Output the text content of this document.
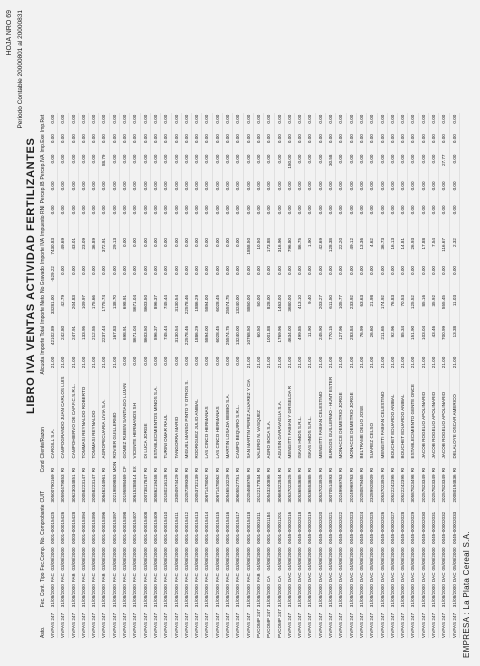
EMPRESA : La Plata Cereal S.A.
HOJA NRO 69 Periodo Contable 20000801 al 20000831
LIBRO IVA VENTAS ACTIVIDAD FERTILIZANTES
Asto.	Fec. Cont.	Tipo	Fec.Comp.	No. Comprobante	CUIT	Cond	Cliente/Razon	Alicuota	Importe Total	Importe Neto	No Gravado	Importe IVA	Impuesto RNI	Percep.IB	Percep.IVA	Imp.Exe	Imp.Ret
VIVFAS 247	31/08/2000	FAC	03/08/2000	0001-00015425	30500790169	RI	CARGILL S.A.	21.00	42102.89	33281.00	-529.22	7430.83	0.00	0.00	0.00	0.00	0.00
VIVFAS 247	31/08/2000	FAC	03/08/2000	0001-00015426	30590479853	RI	CAMPOGRANDO JUAN CARLOS LUIS	21.00	242.80	42.79	0.00	49.69	0.00	0.00	0.00	0.00	0.00
VIVFAS 247	31/08/2000	FAB	03/08/2000	0003-00015428	30623034851	RI	CAMPOHIERVO DE CAP.F.C.S.R.L.	21.00	247.91	204.83	0.00	43.01	0.00	0.00	0.00	0.00	0.00
VIVFAS 247	31/08/2000	FAC	03/08/2000	0001-00015394	20058223147	RI	TOMMASI REYNALDO ROBERTO	21.00	133.95	109.97	0.00	23.09	0.00	0.00	0.00	0.00	0.00
VIVFAS 247	31/08/2000	FAC	03/08/2000	0001-00015395	20058223147	RI	TOMMASI REYNALDO	21.00	212.55	175.66	0.00	36.89	0.00	0.00	0.00	0.00	0.00
VIVFAS 247	31/08/2000	FAB	03/08/2000	0001-00015396	30646244961	RI	AGROPECUARIA LIVIA S.A.	21.00	2237.44	1775.74	0.00	372.91	0.00	0.00	88.79	0.00	0.00
VIVFAS 247	31/08/2000	FAC	03/08/2000	0001-00015397	20219809853	MON	ROVIER GUILLERMO	21.00	167.83	138.70	0.00	29.13	0.00	0.00	0.00	0.00	0.00
VIVFAS 247	31/08/2000	FAC	03/08/2000	0001-00015398	20195898469	CF	GOMEZ RUBEN SANTIAGO LUJAN	0.00	698.91	698.91	0.00	0.00	0.00	0.00	0.00	0.00	0.00
VIVFAS 247	31/08/2000	FAC	03/08/2000	0001-00015407	30615285814	EX	VICENTE HERMANOS SH	0.00	8671.04	8671.04	0.00	0.00	0.00	0.00	0.00	0.00	0.00
VIVFAS 247	31/08/2000	FAC	03/08/2000	0001-00015408	20073817847	RI	DI LUCA JORGE	0.00	8603.50	8603.50	0.00	0.00	0.00	0.00	0.00	0.00	0.00
VIVFAS 247	31/08/2000	FAC	03/08/2000	0001-00015409	30586219458	RI	ESTABLECIMIENTOS MINOS S.A.	0.00	896.37	896.37	0.00	0.00	0.00	0.00	0.00	0.00	0.00
VIVFAS 247	31/08/2000	FAC	03/08/2000	0001-00015410	20180216128	RI	TURINI OMAR RAUL	0.00	745.44	745.44	0.00	0.00	0.00	0.00	0.00	0.00	0.00
VIVFAS 247	31/08/2000	FAC	03/08/2000	0001-00015411	23050974429	RI	TANGORRA MARIO	0.00	3130.54	3130.54	0.00	0.00	0.00	0.00	0.00	0.00	0.00
VIVFAS 247	31/08/2000	FAC	03/08/2000	0001-00015412	20287399308	RI	MIGUEL MANSO PINTO Y OTROS S.	0.00	22578.46	22578.46	0.00	0.00	0.00	0.00	0.00	0.00	0.00
VIVFAS 247	31/08/2000	FAC	03/08/2000	0001-00015413	20053732139	RI	RODRIGUEZ JULIO ANIBAL	0.00	1886.29	1886.29	0.00	0.00	0.00	0.00	0.00	0.00	0.00
VIVFAS 247	31/08/2000	FAC	03/08/2000	0001-00015414	30671478062	RI	LAS CINCO HERMANAS	0.00	5894.00	5894.00	0.00	0.00	0.00	0.00	0.00	0.00	0.00
VIVFAS 247	31/08/2000	FAC	03/08/2000	0001-00015415	30671478062	RI	LAS CINCO HERMANAS	0.00	6028.45	6028.45	0.00	0.00	0.00	0.00	0.00	0.00	0.00
VIVFAS 247	31/08/2000	FAC	03/08/2000	0001-00015416	30546510229	RI	MARTIN LOSADA BEBBO S.A.	0.00	25574.75	25574.75	0.00	0.00	0.00	0.00	0.00	0.00	0.00
VIVFAS 247	31/08/2000	FAC	03/08/2000	0001-00015417	30605527751	RI	CAMPO BEQUIRO S.R.L.	0.00	13240.00	13240.00	0.00	0.00	0.00	0.00	0.00	0.00	0.00
VIVFAS 247	31/08/2000	FAC	03/08/2000	0001-00015418	20254689765	RI	SAN MARTIN PEREZ ALVAREZ Y CIA	21.00	10768.50	8850.00	0.00	1858.50	0.00	0.00	0.00	0.00	0.00
PVCOMP 247	31/08/2000	FAB	04/08/2000	0001-00001011	20122177834	RI	VALERIO N. VASQUEZ	21.00	60.50	50.00	0.00	10.50	0.00	0.00	0.00	0.00	0.00
PVCOMP 247	31/08/2000	CA	04/08/2000	0001-00001184	30543240895	RI	AGRO BOCA S.A.	21.00	1001.88	828.00	0.00	173.88	0.00	0.00	0.00	0.00	0.00
PVCOMP 247	31/08/2000	CA	04/08/2000	0001-00001201	30669322844	RI	AGUSIN GARAVAGLIA S.A.	21.00	1769.96	1463.00	0.00	316.96	0.00	0.00	0.00	0.00	0.00
VIVFAS 247	31/08/2000	DAC	04/08/2000	0045-00002016	30537023925	RI	MENGITTI FABIAN Y GRISELDA R	21.00	4634.00	3680.00	0.00	796.80	0.00	0.00	180.00	0.00	0.00
VIVFAS 247	31/08/2000	DAC	04/08/2000	0045-00002018	30536553685	RI	ISKAS HNOS S.R.L.	21.00	499.85	413.10	0.00	86.75	0.00	0.00	0.00	0.00	0.00
VIVFAS 247	31/08/2000	DAC	04/08/2000	0045-00002019	30536553685	RI	ISKAS HNOS S.R.L.	21.00	11.90	9.40	0.00	1.90	0.00	0.00	0.00	0.00	0.00
VIVFAS 247	31/08/2000	DAC	04/08/2000	0045-00002020	30537023925	RI	MENGITTI FABIAN CELESTINO	21.00	245.90	203.27	0.00	42.69	0.00	0.00	0.00	0.00	0.00
VIVFAS 247	31/08/2000	DAC	04/08/2000	0045-00002021	30070514893	RI	BURGOS GUILLERMO - HUNT ESTER	21.00	770.15	611.50	0.00	128.38	0.00	0.00	30.58	0.00	0.00
VIVFAS 247	31/08/2000	DAC	04/08/2000	0045-00002022	20249969763	RI	MONACCE DEMETRIO JORGE	21.00	127.96	105.77	0.00	22.20	0.00	0.00	0.00	0.00	0.00
VIVFAS 247	31/08/2000	DAC	04/08/2000	0045-00002023	20249969763	RI	MONACCE DEMETRIO JORGE	21.00	283.84	233.92	0.00	49.12	0.00	0.00	0.00	0.00	0.00
VIVFAS 247	31/08/2000	DAC	05/08/2000	0045-00002024	20280879465	RI	BELTRAME DELIO JOSE	21.00	76.99	63.63	0.00	13.36	0.00	0.00	0.00	0.00	0.00
VIVFAS 247	31/08/2000	DAC	05/08/2000	0045-00002025	23289928009	RI	SUAREZ CELSO	21.00	26.60	21.98	0.00	4.62	0.00	0.00	0.00	0.00	0.00
VIVFAS 247	31/08/2000	DAC	05/08/2000	0045-00002026	20537023925	RI	MENGITTI FABIAN CELESTINO	21.00	211.65	174.92	0.00	36.73	0.00	0.00	0.00	0.00	0.00
VIVFAS 247	31/08/2000	DAC	05/08/2000	0045-00002027	20522242395	RI	BOUCHET EDUARDO ANIBAL	21.00	92.96	76.83	0.00	16.13	0.00	0.00	0.00	0.00	0.00
VIVFAS 247	31/08/2000	DAC	05/08/2000	0045-00002028	20522242395	RI	BOUCHET EDUARDO ANIBAL	21.00	85.34	70.53	0.00	14.81	0.00	0.00	0.00	0.00	0.00
VIVFAS 247	31/08/2000	DAC	05/08/2000	0045-00002029	30587823498	RI	ESTABLECIMIENTO GENTE ONCE	21.00	151.90	125.52	0.00	26.93	0.00	0.00	0.00	0.00	0.00
VIVFAS 247	31/08/2000	DAC	05/08/2000	0045-00002030	20257823349	RI	JACOB ROGELIO APOLINARIO	21.00	103.04	85.16	0.00	17.88	0.00	0.00	0.00	0.00	0.00
VIVFAS 247	31/08/2000	DAC	05/08/2000	0045-00002031	20257823349	RI	JACOB ROGELIO APOLINARIO	21.00	43.46	35.92	0.00	7.54	0.00	0.00	0.00	0.00	0.00
VIVFAS 247	31/08/2000	DAC	05/08/2000	0045-00002032	20257823349	RI	JACOB ROGELIO APOLINARIO	21.00	700.99	555.45	0.00	116.67	0.00	0.00	27.77	0.00	0.00
VIVFAS 247	31/08/2000	DAC	05/08/2000	0045-00002033	20080194836	RI	DELALOYE OSCAR AMERICO	21.00	13.38	11.03	0.00	2.32	0.00	0.00	0.00	0.00	0.00
